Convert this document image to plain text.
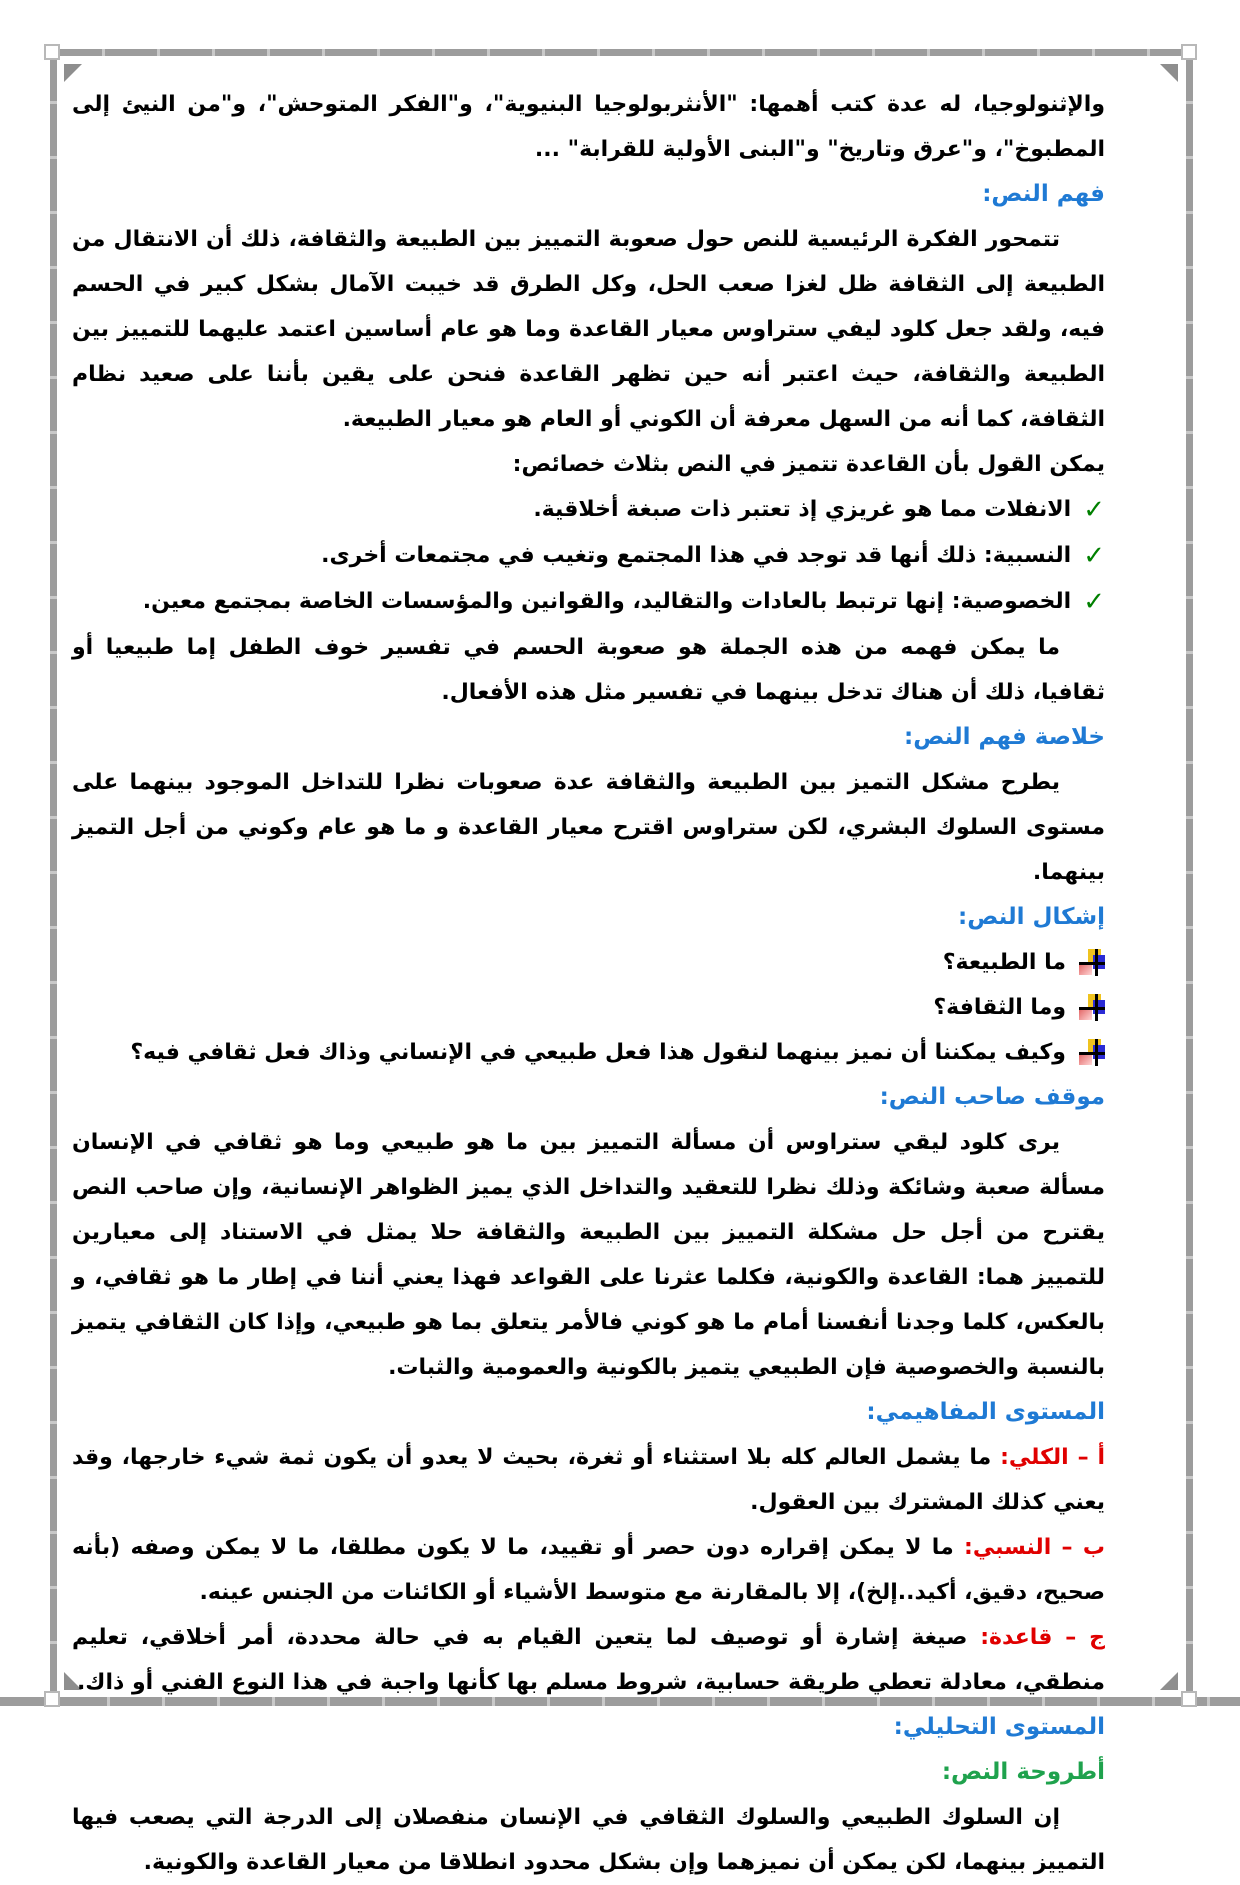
والإثنولوجيا، له عدة كتب أهمها: "الأنثربولوجيا البنيوية"، و"الفكر المتوحش"، و"من النيئ إلى المطبوخ"، و"عرق وتاريخ" و"البنى الأولية للقرابة" ...

فهم النص:

تتمحور الفكرة الرئيسية للنص حول صعوبة التمييز بين الطبيعة والثقافة، ذلك أن الانتقال من الطبيعة إلى الثقافة ظل لغزا صعب الحل، وكل الطرق قد خيبت الآمال بشكل كبير في الحسم فيه، ولقد جعل كلود ليفي ستراوس معيار القاعدة وما هو عام أساسين اعتمد عليهما للتمييز بين الطبيعة والثقافة، حيث اعتبر أنه حين تظهر القاعدة فنحن على يقين بأننا على صعيد نظام الثقافة، كما أنه من السهل معرفة أن الكوني أو العام هو معيار الطبيعة.

يمكن القول بأن القاعدة تتميز في النص بثلاث خصائص:

✓الانفلات مما هو غريزي إذ تعتبر ذات صبغة أخلاقية.

✓النسبية: ذلك أنها قد توجد في هذا المجتمع وتغيب في مجتمعات أخرى.

✓الخصوصية: إنها ترتبط بالعادات والتقاليد، والقوانين والمؤسسات الخاصة بمجتمع معين.

ما يمكن فهمه من هذه الجملة هو صعوبة الحسم في تفسير خوف الطفل إما طبيعيا أو ثقافيا، ذلك أن هناك تدخل بينهما في تفسير مثل هذه الأفعال.

خلاصة فهم النص:

يطرح مشكل التميز بين الطبيعة والثقافة عدة صعوبات نظرا للتداخل الموجود بينهما على مستوى السلوك البشري، لكن ستراوس اقترح معيار القاعدة و ما هو عام وكوني من أجل التميز بينهما.

إشكال النص:

ما الطبيعة؟

وما الثقافة؟

وكيف يمكننا أن نميز بينهما لنقول هذا فعل طبيعي في الإنساني وذاك فعل ثقافي فيه؟

موقف صاحب النص:

يرى كلود ليقي ستراوس أن مسألة التمييز بين ما هو طبيعي وما هو ثقافي في الإنسان مسألة صعبة وشائكة وذلك نظرا للتعقيد والتداخل الذي يميز الظواهر الإنسانية، وإن صاحب النص يقترح من أجل حل مشكلة التمييز بين الطبيعة والثقافة حلا يمثل في الاستناد إلى معيارين للتمييز هما: القاعدة والكونية، فكلما عثرنا على القواعد فهذا يعني أننا في إطار ما هو ثقافي، و بالعكس، كلما وجدنا أنفسنا أمام ما هو كوني فالأمر يتعلق بما هو طبيعي، وإذا كان الثقافي يتميز بالنسبة والخصوصية فإن الطبيعي يتميز بالكونية والعمومية والثبات.

المستوى المفاهيمي:

أ – الكلي: ما يشمل العالم كله بلا استثناء أو ثغرة، بحيث لا يعدو أن يكون ثمة شيء خارجها، وقد يعني كذلك المشترك بين العقول.

ب – النسبي: ما لا يمكن إقراره دون حصر أو تقييد، ما لا يكون مطلقا، ما لا يمكن وصفه (بأنه صحيح، دقيق، أكيد..إلخ)، إلا بالمقارنة مع متوسط الأشياء أو الكائنات من الجنس عينه.

ج – قاعدة: صيغة إشارة أو توصيف لما يتعين القيام به في حالة محددة، أمر أخلاقي، تعليم منطقي، معادلة تعطي طريقة حسابية، شروط مسلم بها كأنها واجبة في هذا النوع الفني أو ذاك.

المستوى التحليلي:
أطروحة النص:

إن السلوك الطبيعي والسلوك الثقافي في الإنسان منفصلان إلى الدرجة التي يصعب فيها التمييز بينهما، لكن يمكن أن نميزهما وإن بشكل محدود انطلاقا من معيار القاعدة والكونية.
